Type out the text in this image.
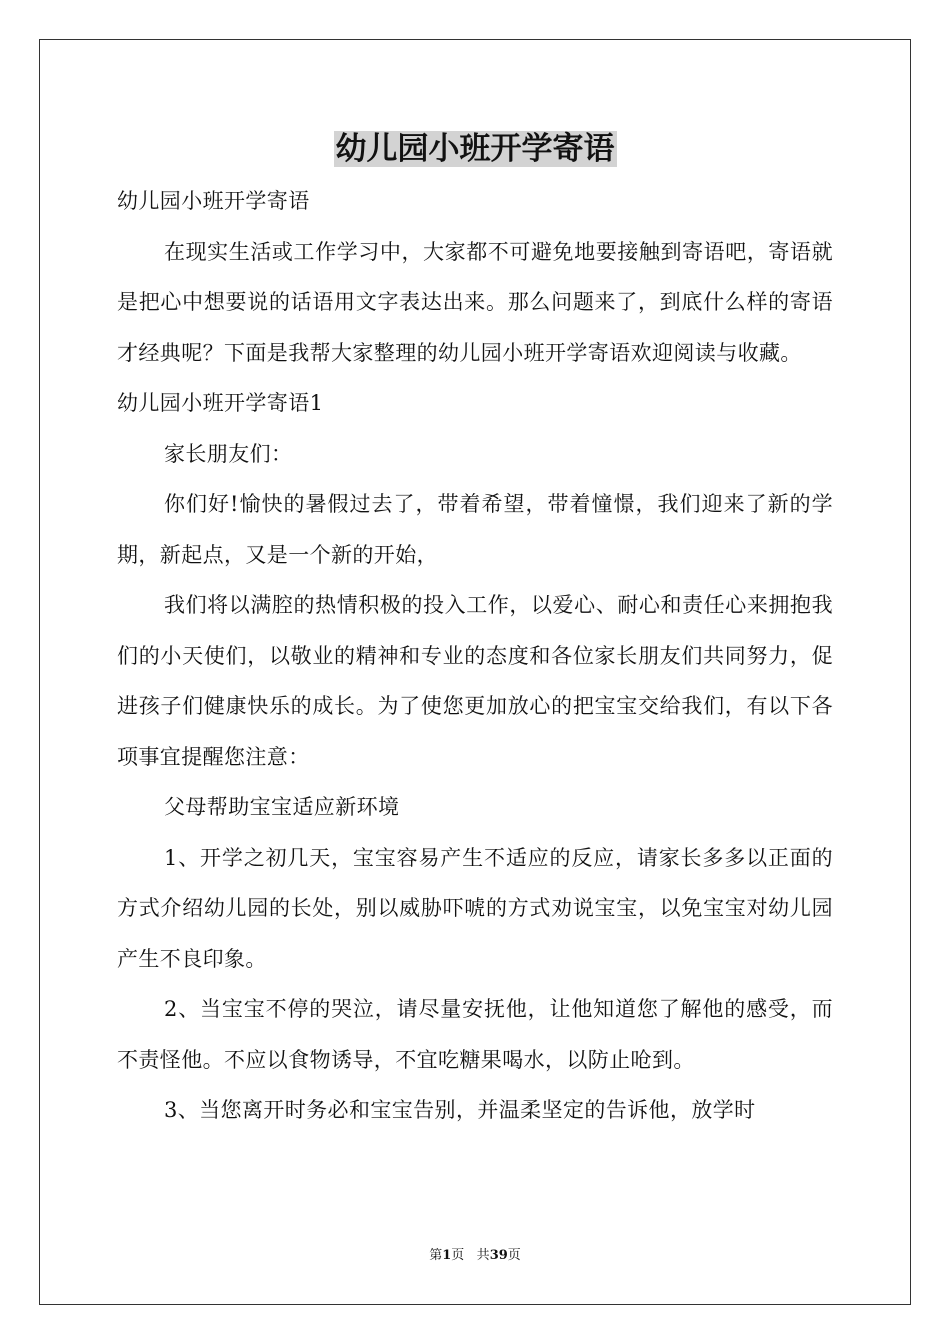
幼儿园小班开学寄语

幼儿园小班开学寄语

在现实生活或工作学习中，大家都不可避免地要接触到寄语吧，寄语就是把心中想要说的话语用文字表达出来。那么问题来了，到底什么样的寄语才经典呢？下面是我帮大家整理的幼儿园小班开学寄语欢迎阅读与收藏。

幼儿园小班开学寄语1

家长朋友们：

你们好!愉快的暑假过去了，带着希望，带着憧憬，我们迎来了新的学期，新起点，又是一个新的开始，

我们将以满腔的热情积极的投入工作，以爱心、耐心和责任心来拥抱我们的小天使们，以敬业的精神和专业的态度和各位家长朋友们共同努力，促进孩子们健康快乐的成长。为了使您更加放心的把宝宝交给我们，有以下各项事宜提醒您注意：

父母帮助宝宝适应新环境

1、开学之初几天，宝宝容易产生不适应的反应，请家长多多以正面的方式介绍幼儿园的长处，别以威胁吓唬的方式劝说宝宝，以免宝宝对幼儿园产生不良印象。

2、当宝宝不停的哭泣，请尽量安抚他，让他知道您了解他的感受，而不责怪他。不应以食物诱导，不宜吃糖果喝水，以防止呛到。

3、当您离开时务必和宝宝告别，并温柔坚定的告诉他，放学时

第1页 共39页
